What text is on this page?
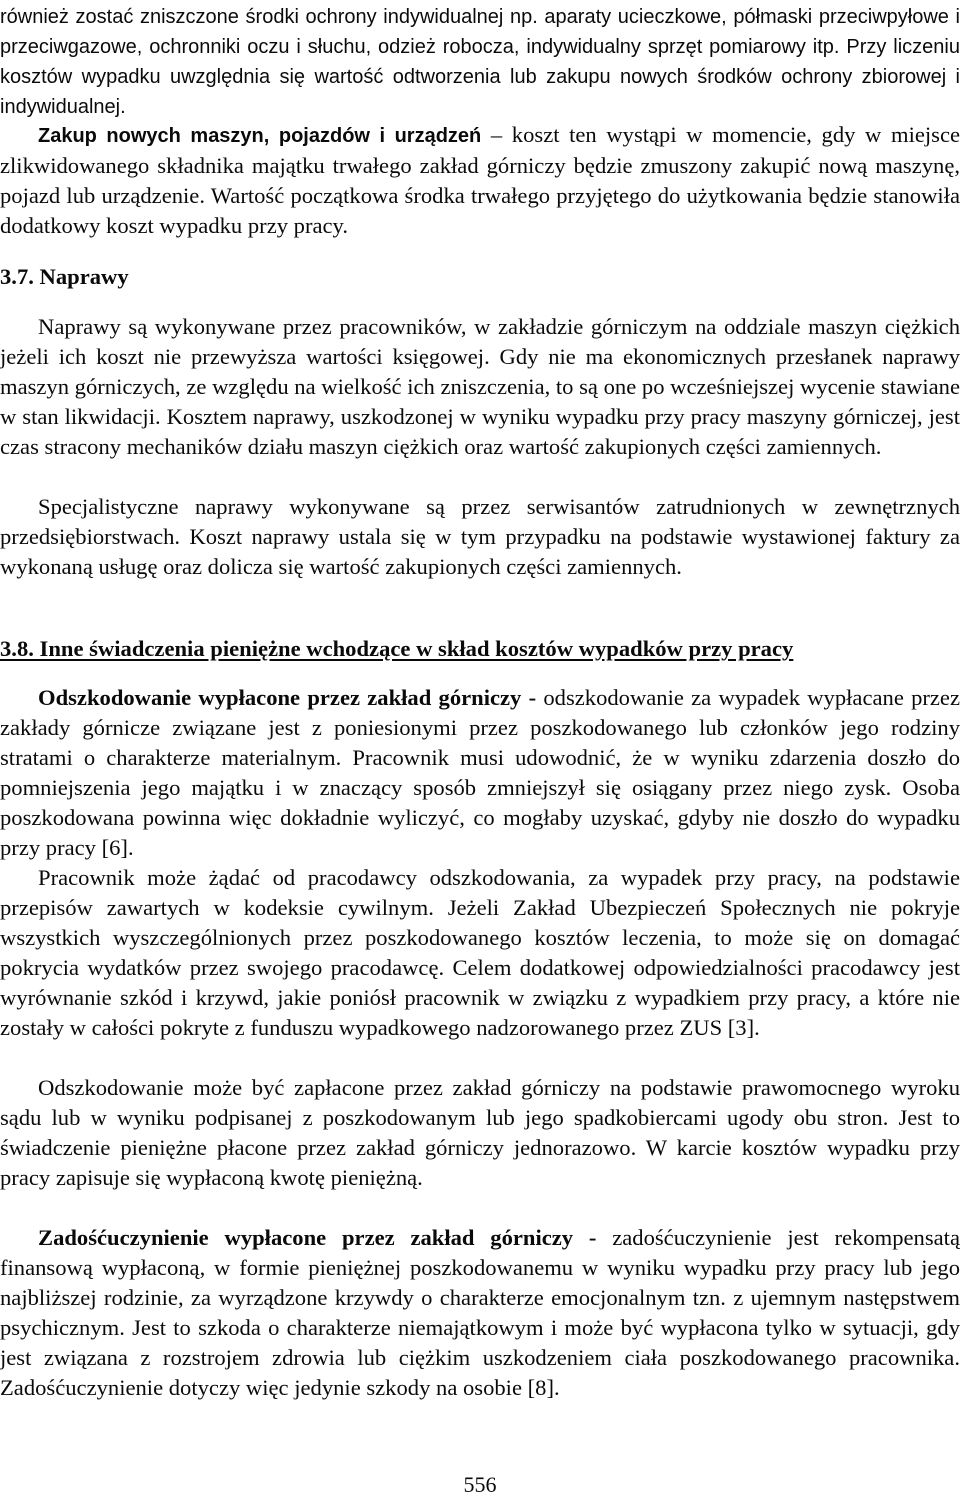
również zostać zniszczone środki ochrony indywidualnej np. aparaty ucieczkowe, półmaski przeciwpyłowe i przeciwgazowe, ochronniki oczu i słuchu, odzież robocza, indywidualny sprzęt pomiarowy itp. Przy liczeniu kosztów wypadku uwzględnia się wartość odtworzenia lub zakupu nowych środków ochrony zbiorowej i indywidualnej.

Zakup nowych maszyn, pojazdów i urządzeń – koszt ten wystąpi w momencie, gdy w miejsce zlikwidowanego składnika majątku trwałego zakład górniczy będzie zmuszony zakupić nową maszynę, pojazd lub urządzenie. Wartość początkowa środka trwałego przyjętego do użytkowania będzie stanowiła dodatkowy koszt wypadku przy pracy.

3.7. Naprawy

Naprawy są wykonywane przez pracowników, w zakładzie górniczym na oddziale maszyn ciężkich jeżeli ich koszt nie przewyższa wartości księgowej. Gdy nie ma ekonomicznych przesłanek naprawy maszyn górniczych, ze względu na wielkość ich zniszczenia, to są one po wcześniejszej wycenie stawiane w stan likwidacji. Kosztem naprawy, uszkodzonej w wyniku wypadku przy pracy maszyny górniczej, jest czas stracony mechaników działu maszyn ciężkich oraz wartość zakupionych części zamiennych.

Specjalistyczne naprawy wykonywane są przez serwisantów zatrudnionych w zewnętrznych przedsiębiorstwach. Koszt naprawy ustala się w tym przypadku na podstawie wystawionej faktury za wykonaną usługę oraz dolicza się wartość zakupionych części zamiennych.

3.8. Inne świadczenia pieniężne wchodzące w skład kosztów wypadków przy pracy

Odszkodowanie wypłacone przez zakład górniczy - odszkodowanie za wypadek wypłacane przez zakłady górnicze związane jest z poniesionymi przez poszkodowanego lub członków jego rodziny stratami o charakterze materialnym. Pracownik musi udowodnić, że w wyniku zdarzenia doszło do pomniejszenia jego majątku i w znaczący sposób zmniejszył się osiągany przez niego zysk. Osoba poszkodowana powinna więc dokładnie wyliczyć, co mogłaby uzyskać, gdyby nie doszło do wypadku przy pracy [6].

Pracownik może żądać od pracodawcy odszkodowania, za wypadek przy pracy, na podstawie przepisów zawartych w kodeksie cywilnym. Jeżeli Zakład Ubezpieczeń Społecznych nie pokryje wszystkich wyszczególnionych przez poszkodowanego kosztów leczenia, to może się on domagać pokrycia wydatków przez swojego pracodawcę. Celem dodatkowej odpowiedzialności pracodawcy jest wyrównanie szkód i krzywd, jakie poniósł pracownik w związku z wypadkiem przy pracy, a które nie zostały w całości pokryte z funduszu wypadkowego nadzorowanego przez ZUS [3].

Odszkodowanie może być zapłacone przez zakład górniczy na podstawie prawomocnego wyroku sądu lub w wyniku podpisanej z poszkodowanym lub jego spadkobiercami ugody obu stron. Jest to świadczenie pieniężne płacone przez zakład górniczy jednorazowo. W karcie kosztów wypadku przy pracy zapisuje się wypłaconą kwotę pieniężną.

Zadośćuczynienie wypłacone przez zakład górniczy - zadośćuczynienie jest rekompensatą finansową wypłaconą, w formie pieniężnej poszkodowanemu w wyniku wypadku przy pracy lub jego najbliższej rodzinie, za wyrządzone krzywdy o charakterze emocjonalnym tzn. z ujemnym następstwem psychicznym. Jest to szkoda o charakterze niemajątkowym i może być wypłacona tylko w sytuacji, gdy jest związana z rozstrojem zdrowia lub ciężkim uszkodzeniem ciała poszkodowanego pracownika. Zadośćuczynienie dotyczy więc jedynie szkody na osobie [8].

556
